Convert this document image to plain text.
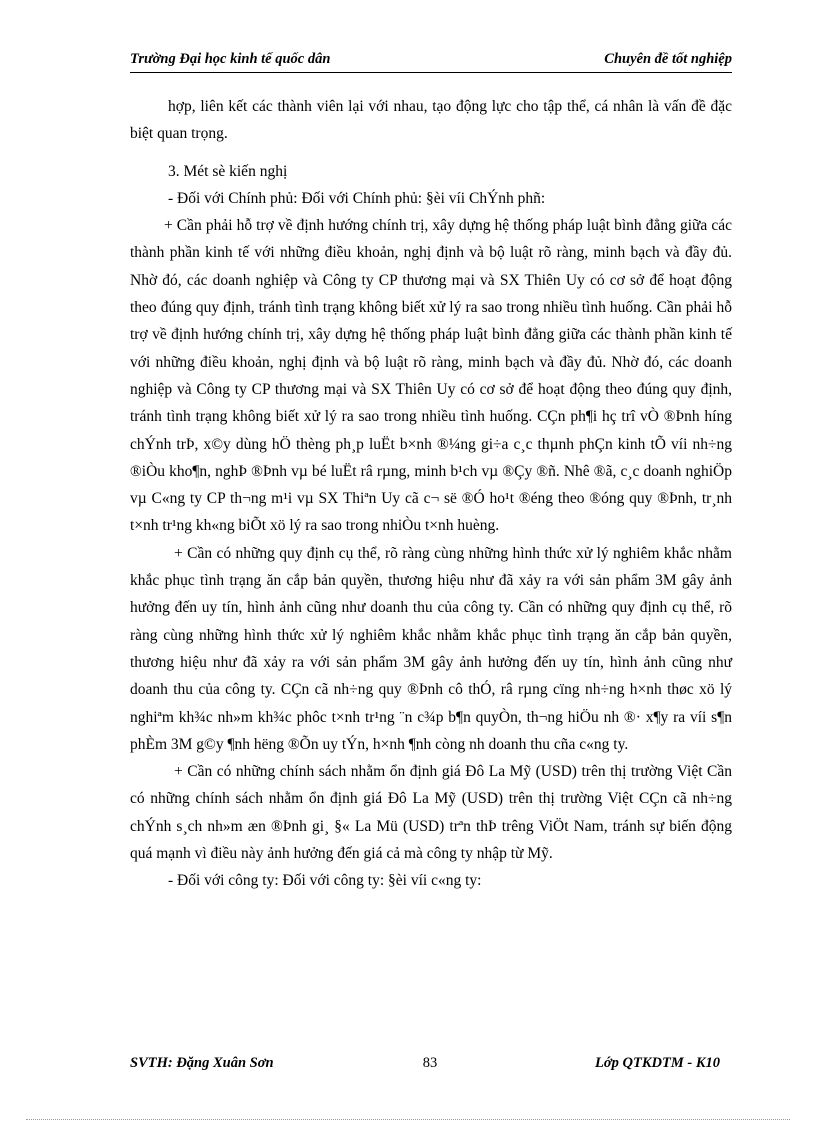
Trường Đại học kinh tế quốc dân	Chuyên đề tốt nghiệp

hợp, liên kết các thành viên lại với nhau, tạo động lực cho tập thể, cá nhân là vấn đề đặc biệt quan trọng.

3. Mét sè kiến nghị

- Đối với Chính phủ: Đối với Chính phủ: §èi víi ChÝnh phñ:

+ Cần phải hỗ trợ về định hướng chính trị, xây dựng hệ thống pháp luật bình đẳng giữa các thành phần kinh tế với những điều khoản, nghị định và bộ luật rõ ràng, minh bạch và đầy đủ. Nhờ đó, các doanh nghiệp và Công ty CP thương mại và SX Thiên Uy có cơ sở để hoạt động theo đúng quy định, tránh tình trạng không biết xử lý ra sao trong nhiều tình huống. Cần phải hỗ trợ về định hướng chính trị, xây dựng hệ thống pháp luật bình đẳng giữa các thành phần kinh tế với những điều khoản, nghị định và bộ luật rõ ràng, minh bạch và đầy đủ. Nhờ đó, các doanh nghiệp và Công ty CP thương mại và SX Thiên Uy có cơ sở để hoạt động theo đúng quy định, tránh tình trạng không biết xử lý ra sao trong nhiều tình huống. CÇn ph¶i hç trî vÒ ®Þnh híng chÝnh trÞ, x©y dùng hÖ thèng ph¸p luËt b×nh ®¼ng gi÷a c¸c thµnh phÇn kinh tÕ víi nh÷ng ®iÒu kho¶n, nghÞ ®Þnh vµ bé luËt râ rµng, minh b¹ch vµ ®Çy ®ñ. Nhê ®ã, c¸c doanh nghiÖp vµ C«ng ty CP th¬ng m¹i vµ SX Thiªn Uy cã c¬ së ®Ó ho¹t ®éng theo ®óng quy ®Þnh, tr¸nh t×nh tr¹ng kh«ng biÕt xö lý ra sao trong nhiÒu t×nh huèng.

+ Cần có những quy định cụ thể, rõ ràng cùng những hình thức xử lý nghiêm khắc nhằm khắc phục tình trạng ăn cắp bản quyền, thương hiệu như đã xảy ra với sản phẩm 3M gây ảnh hưởng đến uy tín, hình ảnh cũng như doanh thu của công ty. Cần có những quy định cụ thể, rõ ràng cùng những hình thức xử lý nghiêm khắc nhằm khắc phục tình trạng ăn cắp bản quyền, thương hiệu như đã xảy ra với sản phẩm 3M gây ảnh hưởng đến uy tín, hình ảnh cũng như doanh thu của công ty. CÇn cã nh÷ng quy ®Þnh cô thÓ, râ rµng cïng nh÷ng h×nh thøc xö lý nghiªm kh¾c nh»m kh¾c phôc t×nh tr¹ng ¨n c¾p b¶n quyÒn, th¬ng hiÖu nh ®· x¶y ra víi s¶n phÈm 3M g©y ¶nh hëng ®Õn uy tÝn, h×nh ¶nh còng nh doanh thu cña c«ng ty.

+ Cần có những chính sách nhằm ổn định giá Đô La Mỹ (USD) trên thị trường Việt Cần có những chính sách nhằm ổn định giá Đô La Mỹ (USD) trên thị trường Việt CÇn cã nh÷ng chÝnh s¸ch nh»m æn ®Þnh gi¸ §« La Mü (USD) trªn thÞ trêng ViÖt Nam, tránh sự biến động quá mạnh vì điều này ảnh hưởng đến giá cả mà công ty nhập từ Mỹ.

- Đối với công ty: Đối với công ty: §èi víi c«ng ty:

SVTH: Đặng Xuân Sơn	83	Lớp QTKDTM - K10
